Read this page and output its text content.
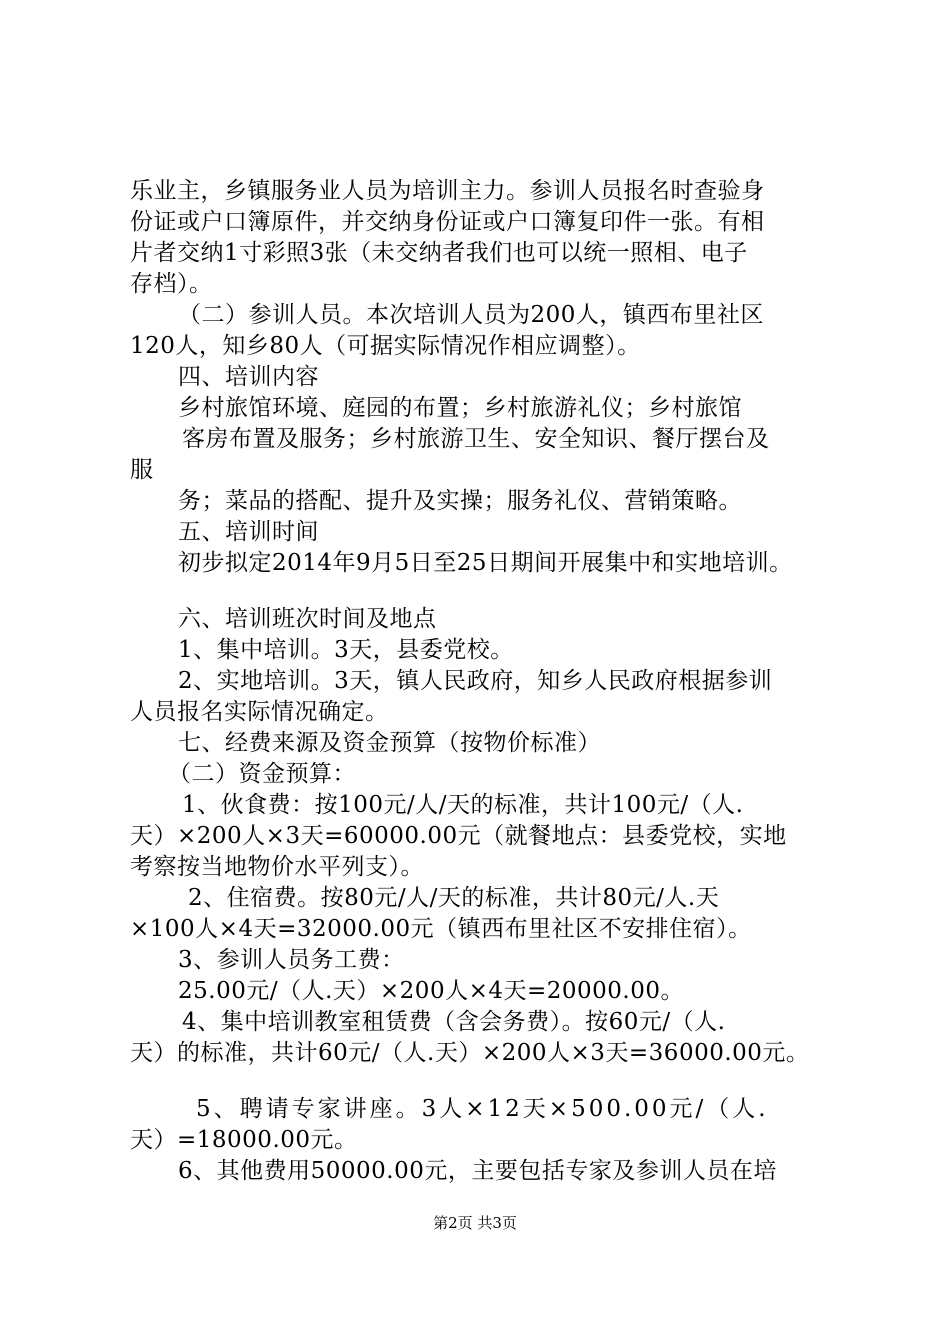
乐业主，乡镇服务业人员为培训主力。参训人员报名时查验身
份证或户口簿原件，并交纳身份证或户口簿复印件一张。有相
片者交纳1寸彩照3张（未交纳者我们也可以统一照相、电子
存档）。
（二）参训人员。本次培训人员为200人，镇西布里社区
120人，知乡80人（可据实际情况作相应调整）。
四、培训内容
乡村旅馆环境、庭园的布置；乡村旅游礼仪；乡村旅馆
客房布置及服务；乡村旅游卫生、安全知识、餐厅摆台及
服
务；菜品的搭配、提升及实操；服务礼仪、营销策略。
五、培训时间
初步拟定2014年9月5日至25日期间开展集中和实地培训。
六、培训班次时间及地点
1、集中培训。3天，县委党校。
2、实地培训。3天，镇人民政府，知乡人民政府根据参训
人员报名实际情况确定。
七、经费来源及资金预算（按物价标准）
（二）资金预算：
1、伙食费：按100元/人/天的标准，共计100元/（人.
天）×200人×3天=60000.00元（就餐地点：县委党校，实地
考察按当地物价水平列支）。
2、住宿费。按80元/人/天的标准，共计80元/人.天
×100人×4天=32000.00元（镇西布里社区不安排住宿）。
3、参训人员务工费：
25.00元/（人.天）×200人×4天=20000.00。
4、集中培训教室租赁费（含会务费）。按60元/（人.
天）的标准，共计60元/（人.天）×200人×3天=36000.00元。
5、聘请专家讲座。3人×12天×500.00元/（人.
天）=18000.00元。
6、其他费用50000.00元，主要包括专家及参训人员在培
第2页 共3页
